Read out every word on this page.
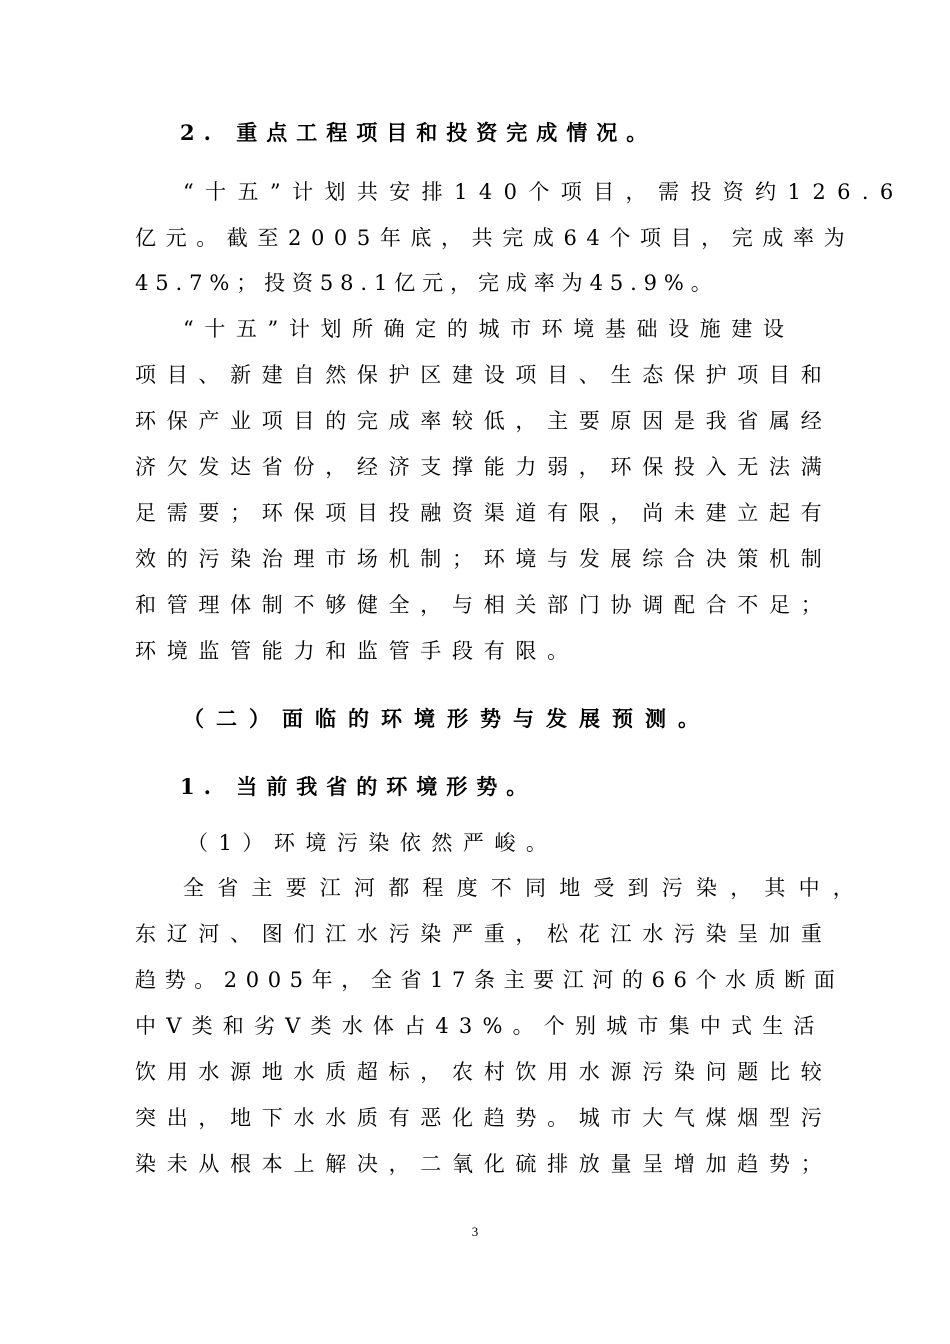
2. 重点工程项目和投资完成情况。
“十五”计划共安排140个项目，需投资约126.6
亿元。截至2005年底，共完成64个项目，完成率为
45.7%；投资58.1亿元，完成率为45.9%。
“十五”计划所确定的城市环境基础设施建设
项目、新建自然保护区建设项目、生态保护项目和
环保产业项目的完成率较低，主要原因是我省属经
济欠发达省份，经济支撑能力弱，环保投入无法满
足需要；环保项目投融资渠道有限，尚未建立起有
效的污染治理市场机制；环境与发展综合决策机制
和管理体制不够健全，与相关部门协调配合不足；
环境监管能力和监管手段有限。
（二）面临的环境形势与发展预测。
1. 当前我省的环境形势。
（1）环境污染依然严峻。
全省主要江河都程度不同地受到污染，其中，
东辽河、图们江水污染严重，松花江水污染呈加重
趋势。2005年，全省17条主要江河的66个水质断面
中Ⅴ类和劣Ⅴ类水体占43%。个别城市集中式生活
饮用水源地水质超标，农村饮用水源污染问题比较
突出，地下水水质有恶化趋势。城市大气煤烟型污
染未从根本上解决，二氧化硫排放量呈增加趋势；

3
